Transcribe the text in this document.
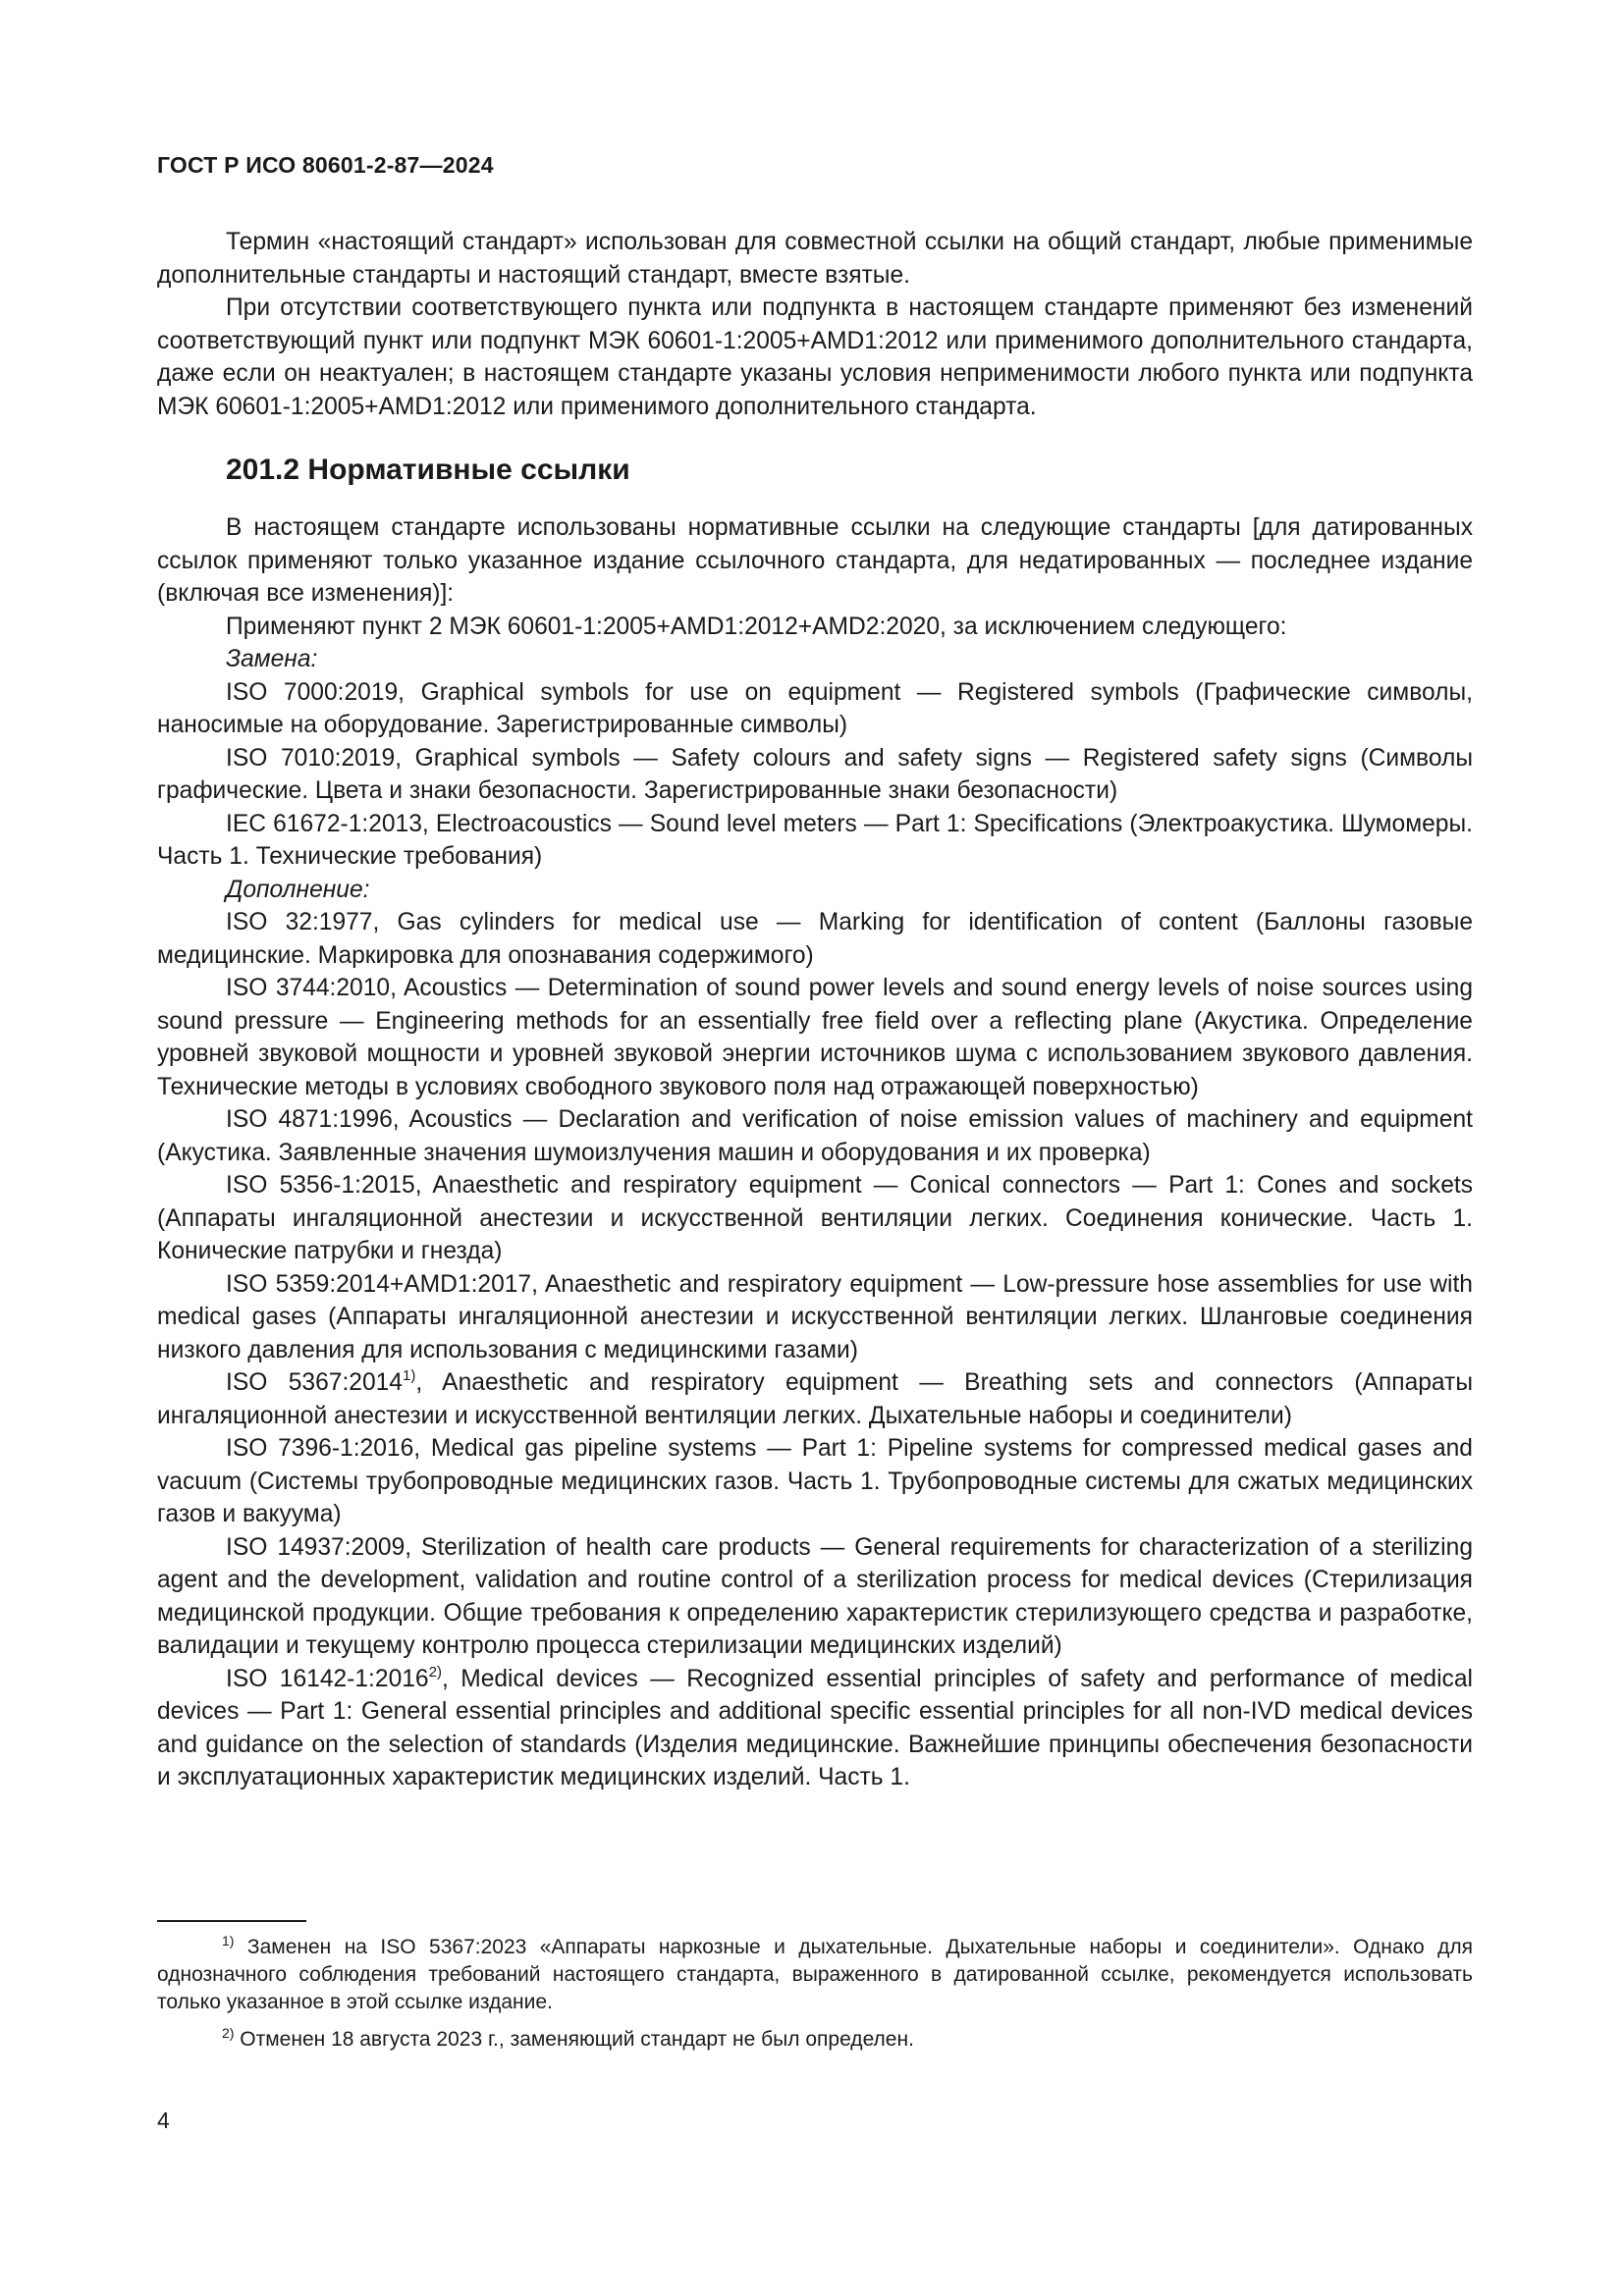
ГОСТ Р ИСО 80601-2-87—2024

Термин «настоящий стандарт» использован для совместной ссылки на общий стандарт, любые применимые дополнительные стандарты и настоящий стандарт, вместе взятые.

При отсутствии соответствующего пункта или подпункта в настоящем стандарте применяют без изменений соответствующий пункт или подпункт МЭК 60601-1:2005+AMD1:2012 или применимого дополнительного стандарта, даже если он неактуален; в настоящем стандарте указаны условия неприменимости любого пункта или подпункта МЭК 60601-1:2005+AMD1:2012 или применимого дополнительного стандарта.

201.2 Нормативные ссылки

В настоящем стандарте использованы нормативные ссылки на следующие стандарты [для датированных ссылок применяют только указанное издание ссылочного стандарта, для недатированных — последнее издание (включая все изменения)]:

Применяют пункт 2 МЭК 60601-1:2005+AMD1:2012+AMD2:2020, за исключением следующего:

Замена:

ISO 7000:2019, Graphical symbols for use on equipment — Registered symbols (Графические символы, наносимые на оборудование. Зарегистрированные символы)

ISO 7010:2019, Graphical symbols — Safety colours and safety signs — Registered safety signs (Символы графические. Цвета и знаки безопасности. Зарегистрированные знаки безопасности)

IEC 61672-1:2013, Electroacoustics — Sound level meters — Part 1: Specifications (Электроакустика. Шумомеры. Часть 1. Технические требования)

Дополнение:

ISO 32:1977, Gas cylinders for medical use — Marking for identification of content (Баллоны газовые медицинские. Маркировка для опознавания содержимого)

ISO 3744:2010, Acoustics — Determination of sound power levels and sound energy levels of noise sources using sound pressure — Engineering methods for an essentially free field over a reflecting plane (Акустика. Определение уровней звуковой мощности и уровней звуковой энергии источников шума с использованием звукового давления. Технические методы в условиях свободного звукового поля над отражающей поверхностью)

ISO 4871:1996, Acoustics — Declaration and verification of noise emission values of machinery and equipment (Акустика. Заявленные значения шумоизлучения машин и оборудования и их проверка)

ISO 5356-1:2015, Anaesthetic and respiratory equipment — Conical connectors — Part 1: Cones and sockets (Аппараты ингаляционной анестезии и искусственной вентиляции легких. Соединения конические. Часть 1. Конические патрубки и гнезда)

ISO 5359:2014+AMD1:2017, Anaesthetic and respiratory equipment — Low-pressure hose assemblies for use with medical gases (Аппараты ингаляционной анестезии и искусственной вентиляции легких. Шланговые соединения низкого давления для использования с медицинскими газами)

ISO 5367:2014$^{1)}$, Anaesthetic and respiratory equipment — Breathing sets and connectors (Аппараты ингаляционной анестезии и искусственной вентиляции легких. Дыхательные наборы и соединители)

ISO 7396-1:2016, Medical gas pipeline systems — Part 1: Pipeline systems for compressed medical gases and vacuum (Системы трубопроводные медицинских газов. Часть 1. Трубопроводные системы для сжатых медицинских газов и вакуума)

ISO 14937:2009, Sterilization of health care products — General requirements for characterization of a sterilizing agent and the development, validation and routine control of a sterilization process for medical devices (Стерилизация медицинской продукции. Общие требования к определению характеристик стерилизующего средства и разработке, валидации и текущему контролю процесса стерилизации медицинских изделий)

ISO 16142-1:2016$^{2)}$, Medical devices — Recognized essential principles of safety and performance of medical devices — Part 1: General essential principles and additional specific essential principles for all non-IVD medical devices and guidance on the selection of standards (Изделия медицинские. Важнейшие принципы обеспечения безопасности и эксплуатационных характеристик медицинских изделий. Часть 1.

$^{1)}$ Заменен на ISO 5367:2023 «Аппараты наркозные и дыхательные. Дыхательные наборы и соединители». Однако для однозначного соблюдения требований настоящего стандарта, выраженного в датированной ссылке, рекомендуется использовать только указанное в этой ссылке издание.

$^{2)}$ Отменен 18 августа 2023 г., заменяющий стандарт не был определен.

4
